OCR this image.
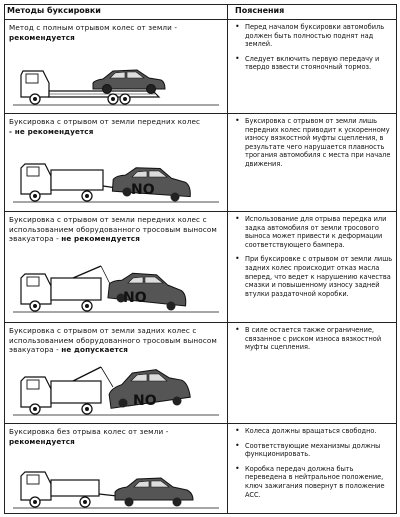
Методы буксировки	Пояснения
Метод с полным отрывом колес от земли - рекомендуется
• Перед началом буксировки автомобиль должен быть полностью поднят над землей.
• Следует включить первую передачу и твердо взвести стояночный тормоз.
Буксировка с отрывом от земли передних колес
- не рекомендуется
NO
• Буксировка с отрывом от земли лишь передних колес приводит к ускоренному износу вязкостной муфты сцепления, в результате чего нарушается плавность трогания автомобиля с места при начале движения.
Буксировка с отрывом от земли передних колес с использованием оборудованного тросовым выносом эвакуатора - не рекомендуется
NO
• Использование для отрыва передка или задка автомобиля от земли тросового выноса может привести к деформации соответствующего бампера.
• При буксировке с отрывом от земли лишь задних колес происходит отказ масла вперед, что ведет к нарушению качества смазки и повышенному износу задней втулки раздаточной коробки.
Буксировка с отрывом от земли задних колес с использованием оборудованного тросовым выносом эвакуатора - не допускается
NO
• В силе остается также ограничение, связанное с риском износа вязкостной муфты сцепления.
Буксировка без отрыва колес от земли -
рекомендуется
• Колеса должны вращаться свободно.
• Соответствующие механизмы должны функционировать.
• Коробка передач должна быть переведена в нейтральное положение, ключ зажигания повернут в положение ACC.
